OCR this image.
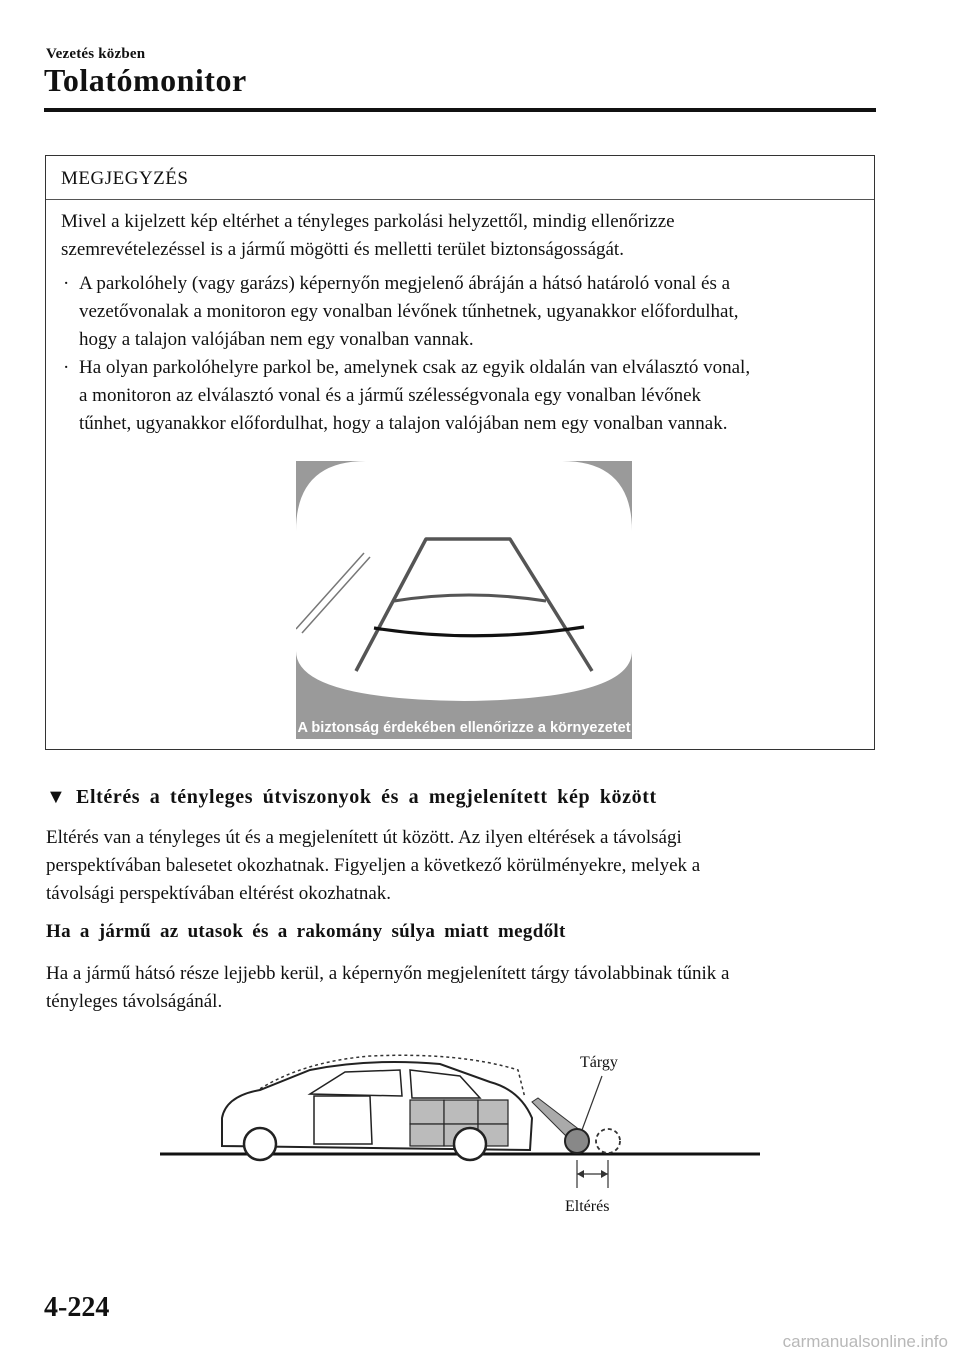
Vezetés közben
Tolatómonitor
MEGJEGYZÉS

Mivel a kijelzett kép eltérhet a tényleges parkolási helyzettől, mindig ellenőrizze
szemrevételezéssel is a jármű mögötti és melletti terület biztonságosságát.

· A parkolóhely (vagy garázs) képernyőn megjelenő ábráján a hátsó határoló vonal és a
vezetővonalak a monitoron egy vonalban lévőnek tűnhetnek, ugyanakkor előfordulhat,
hogy a talajon valójában nem egy vonalban vannak.
· Ha olyan parkolóhelyre parkol be, amelynek csak az egyik oldalán van elválasztó vonal,
a monitoron az elválasztó vonal és a jármű szélességvonala egy vonalban lévőnek
tűnhet, ugyanakkor előfordulhat, hogy a talajon valójában nem egy vonalban vannak.
A biztonság érdekében ellenőrizze a környezetet
▼ Eltérés a tényleges útviszonyok és a megjelenített kép között

Eltérés van a tényleges út és a megjelenített út között. Az ilyen eltérések a távolsági
perspektívában balesetet okozhatnak. Figyeljen a következő körülményekre, melyek a
távolsági perspektívában eltérést okozhatnak.

Ha a jármű az utasok és a rakomány súlya miatt megdőlt

Ha a jármű hátsó része lejjebb kerül, a képernyőn megjelenített tárgy távolabbinak tűnik a
tényleges távolságánál.

Tárgy
Eltérés

4-224

carmanualsonline.info
